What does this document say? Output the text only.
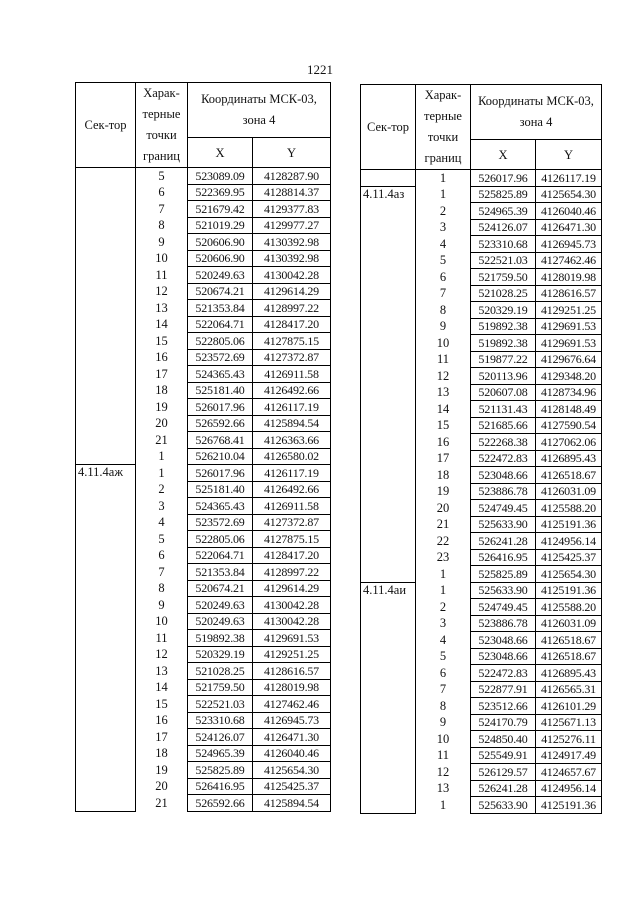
1221
Сек-тор	Харак-терные точки границ	Координаты МСК-03, зона 4	

		X	Y
	5	523089.09	4128287.90
	6	522369.95	4128814.37
	7	521679.42	4129377.83
	8	521019.29	4129977.27
	9	520606.90	4130392.98
	10	520606.90	4130392.98
	11	520249.63	4130042.28
	12	520674.21	4129614.29
	13	521353.84	4128997.22
	14	522064.71	4128417.20
	15	522805.06	4127875.15
	16	523572.69	4127372.87
	17	524365.43	4126911.58
	18	525181.40	4126492.66
	19	526017.96	4126117.19
	20	526592.66	4125894.54
	21	526768.41	4126363.66
	1	526210.04	4126580.02
4.11.4аж	1	526017.96	4126117.19
	2	525181.40	4126492.66
	3	524365.43	4126911.58
	4	523572.69	4127372.87
	5	522805.06	4127875.15
	6	522064.71	4128417.20
	7	521353.84	4128997.22
	8	520674.21	4129614.29
	9	520249.63	4130042.28
	10	520249.63	4130042.28
	11	519892.38	4129691.53
	12	520329.19	4129251.25
	13	521028.25	4128616.57
	14	521759.50	4128019.98
	15	522521.03	4127462.46
	16	523310.68	4126945.73
	17	524126.07	4126471.30
	18	524965.39	4126040.46
	19	525825.89	4125654.30
	20	526416.95	4125425.37
	21	526592.66	4125894.54
Сек-тор	Харак-терные точки границ	Координаты МСК-03, зона 4	

		X	Y
	1	526017.96	4126117.19
4.11.4аз	1	525825.89	4125654.30
	2	524965.39	4126040.46
	3	524126.07	4126471.30
	4	523310.68	4126945.73
	5	522521.03	4127462.46
	6	521759.50	4128019.98
	7	521028.25	4128616.57
	8	520329.19	4129251.25
	9	519892.38	4129691.53
	10	519892.38	4129691.53
	11	519877.22	4129676.64
	12	520113.96	4129348.20
	13	520607.08	4128734.96
	14	521131.43	4128148.49
	15	521685.66	4127590.54
	16	522268.38	4127062.06
	17	522472.83	4126895.43
	18	523048.66	4126518.67
	19	523886.78	4126031.09
	20	524749.45	4125588.20
	21	525633.90	4125191.36
	22	526241.28	4124956.14
	23	526416.95	4125425.37
	1	525825.89	4125654.30
4.11.4аи	1	525633.90	4125191.36
	2	524749.45	4125588.20
	3	523886.78	4126031.09
	4	523048.66	4126518.67
	5	523048.66	4126518.67
	6	522472.83	4126895.43
	7	522877.91	4126565.31
	8	523512.66	4126101.29
	9	524170.79	4125671.13
	10	524850.40	4125276.11
	11	525549.91	4124917.49
	12	526129.57	4124657.67
	13	526241.28	4124956.14
	1	525633.90	4125191.36
